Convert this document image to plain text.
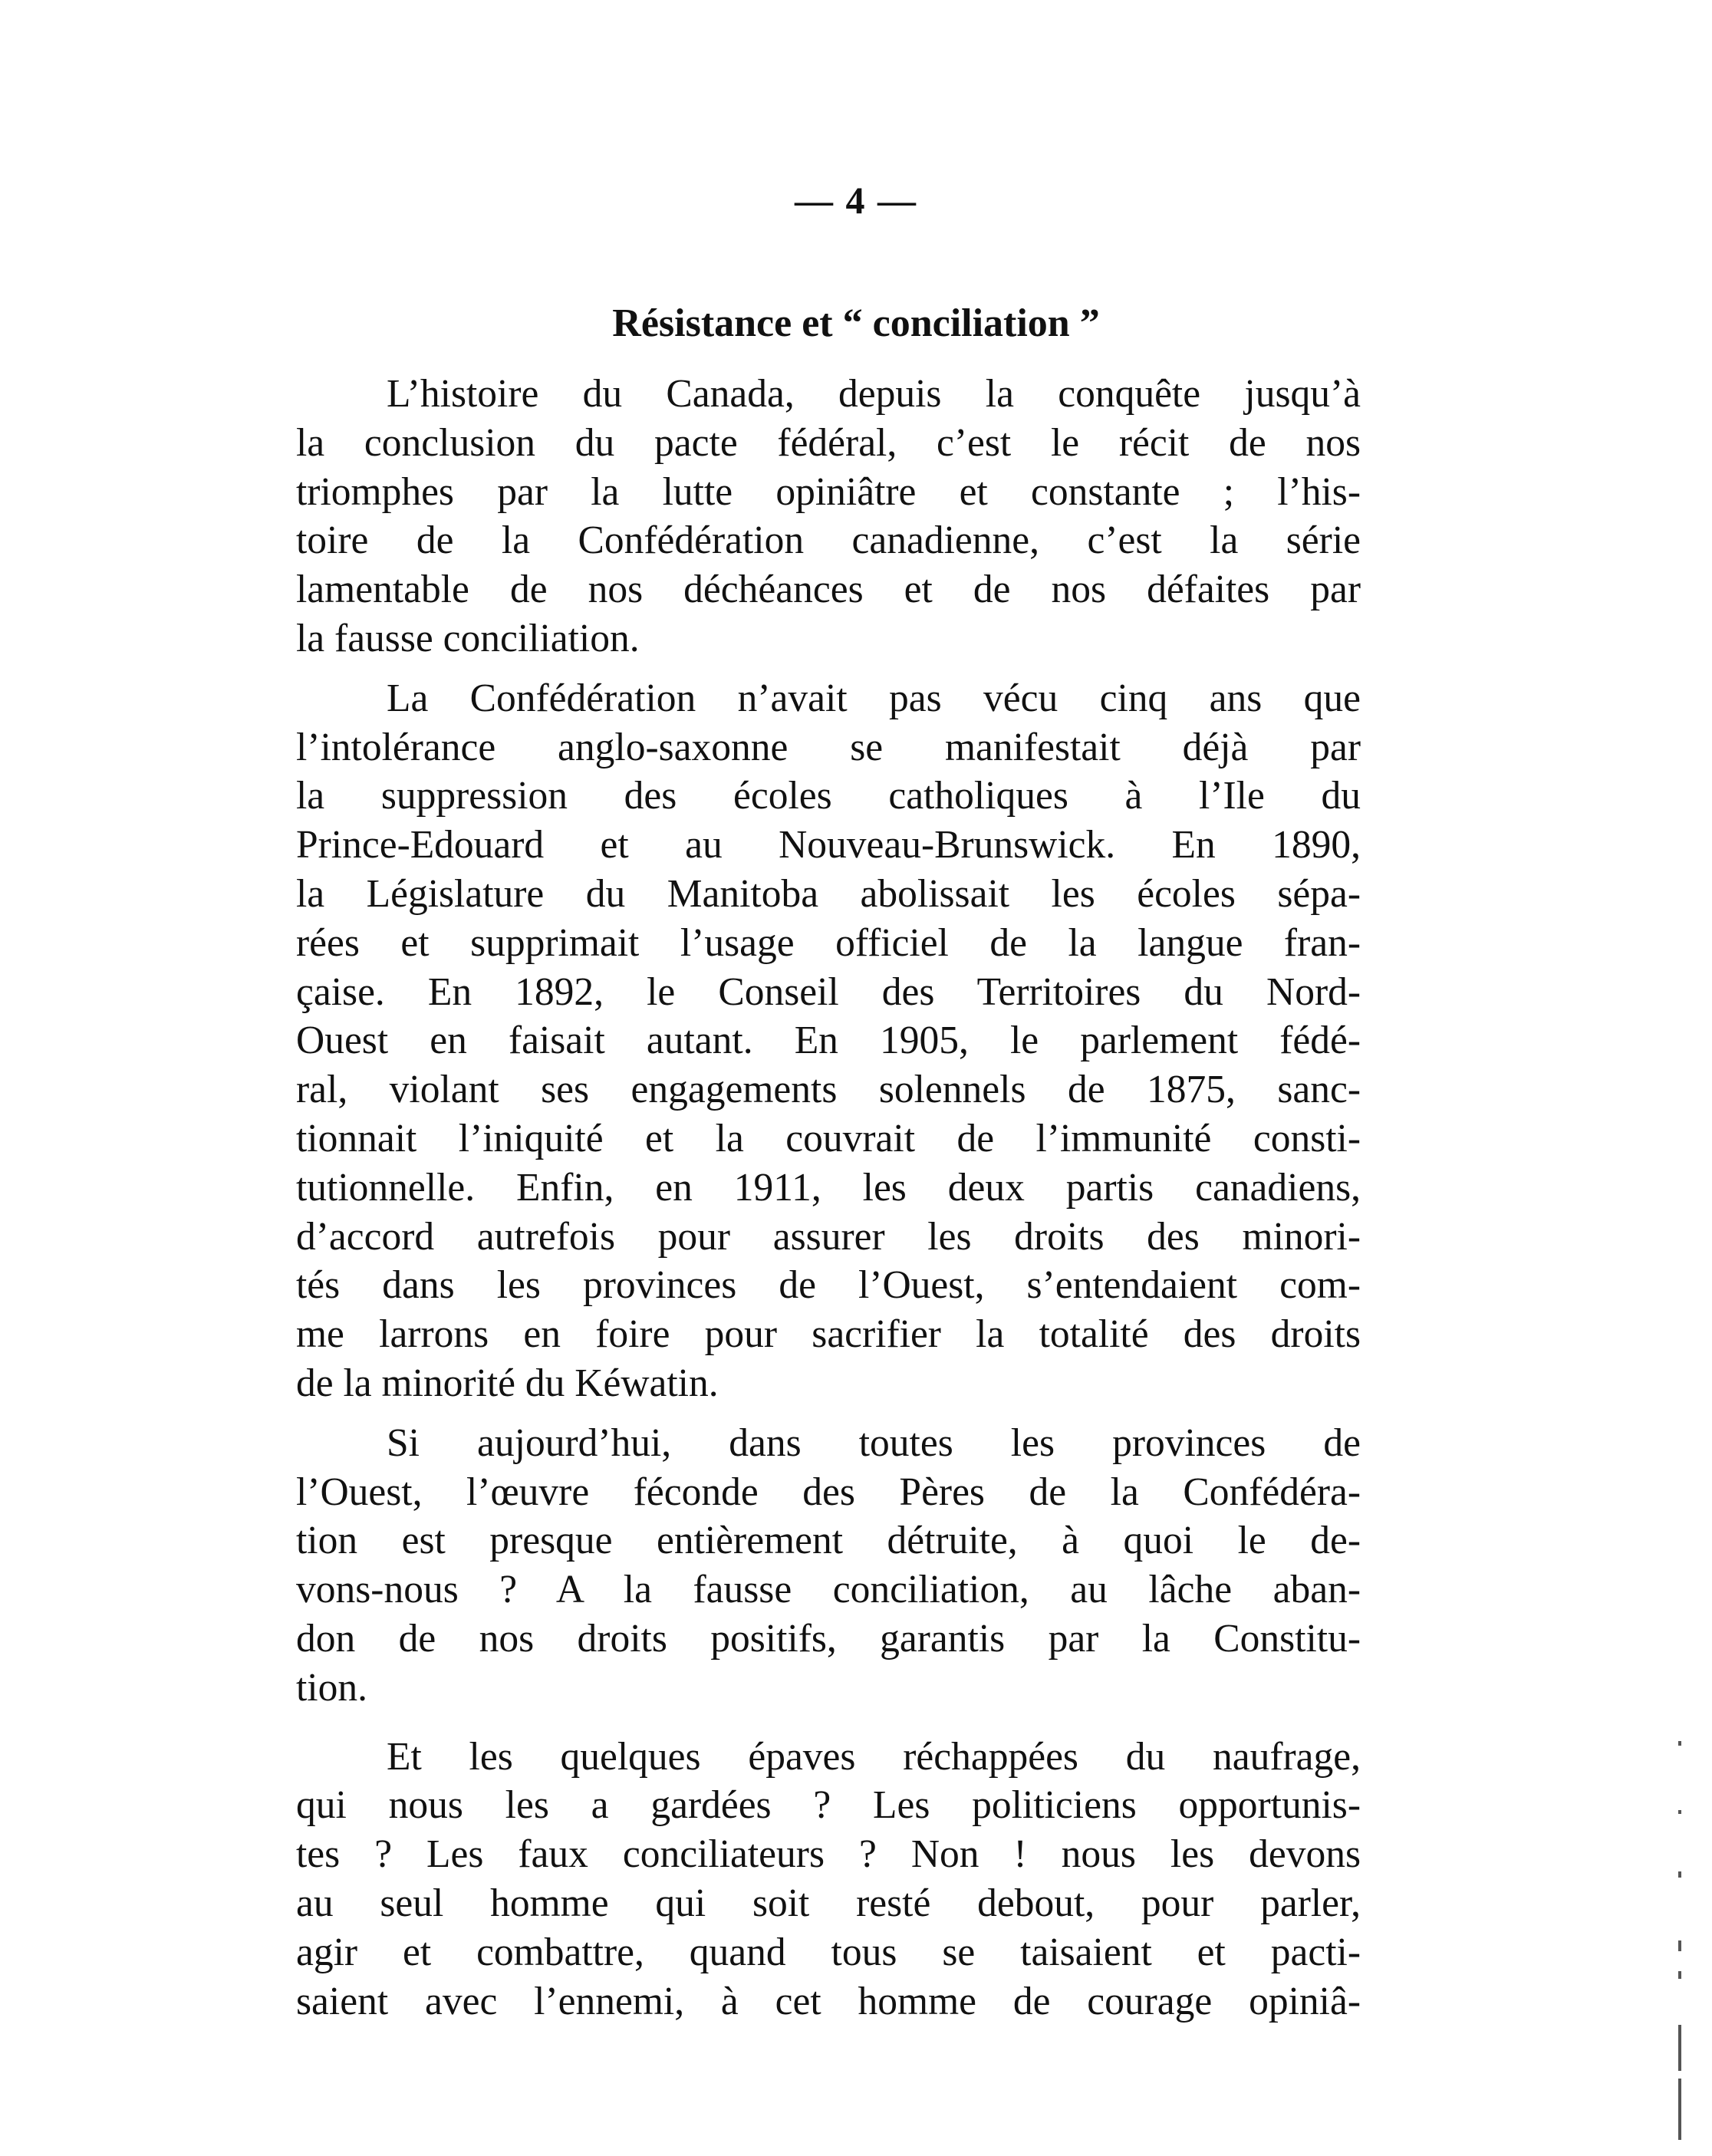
— 4 —
Résistance et “ conciliation ”

L’histoire du Canada, depuis la conquête jusqu’à
la conclusion du pacte fédéral, c’est le récit de nos
triomphes par la lutte opiniâtre et constante ; l’his-
toire de la Confédération canadienne, c’est la série
lamentable de nos déchéances et de nos défaites par
la fausse conciliation.

La Confédération n’avait pas vécu cinq ans que
l’intolérance anglo-saxonne se manifestait déjà par
la suppression des écoles catholiques à l’Ile du
Prince-Edouard et au Nouveau-Brunswick. En 1890,
la Législature du Manitoba abolissait les écoles sépa-
rées et supprimait l’usage officiel de la langue fran-
çaise. En 1892, le Conseil des Territoires du Nord-
Ouest en faisait autant. En 1905, le parlement fédé-
ral, violant ses engagements solennels de 1875, sanc-
tionnait l’iniquité et la couvrait de l’immunité consti-
tutionnelle. Enfin, en 1911, les deux partis canadiens,
d’accord autrefois pour assurer les droits des minori-
tés dans les provinces de l’Ouest, s’entendaient com-
me larrons en foire pour sacrifier la totalité des droits
de la minorité du Kéwatin.

Si aujourd’hui, dans toutes les provinces de
l’Ouest, l’œuvre féconde des Pères de la Confédéra-
tion est presque entièrement détruite, à quoi le de-
vons-nous ? A la fausse conciliation, au lâche aban-
don de nos droits positifs, garantis par la Constitu-
tion.

Et les quelques épaves réchappées du naufrage,
qui nous les a gardées ? Les politiciens opportunis-
tes ? Les faux conciliateurs ? Non ! nous les devons
au seul homme qui soit resté debout, pour parler,
agir et combattre, quand tous se taisaient et pacti-
saient avec l’ennemi, à cet homme de courage opiniâ-
